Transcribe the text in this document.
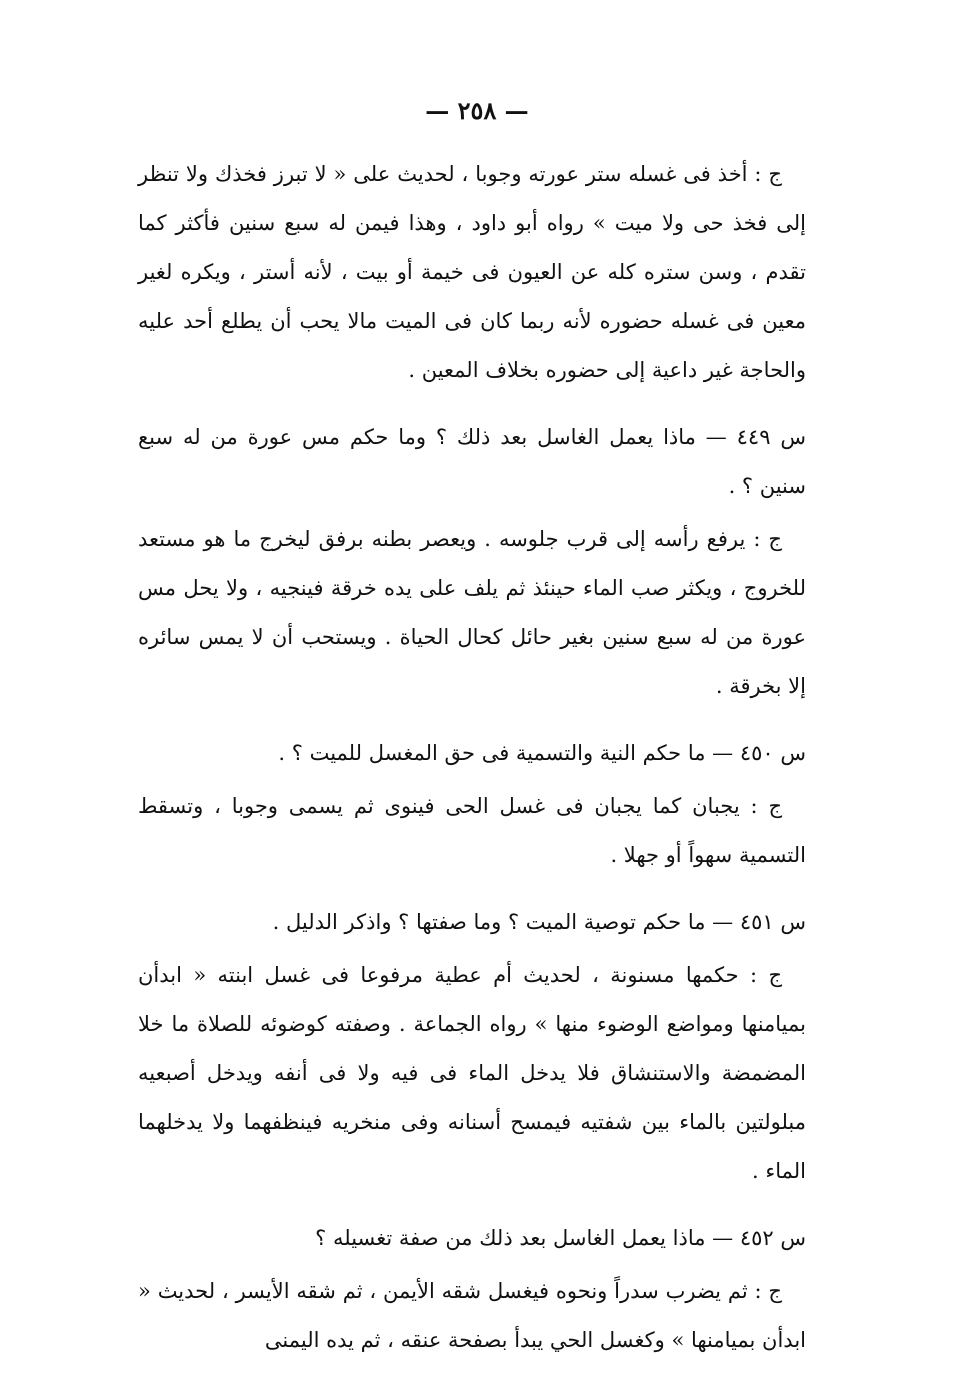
— ٢٥٨ —

ج : أخذ فى غسله ستر عورته وجوبا ، لحديث على « لا تبرز فخذك ولا تنظر إلى فخذ حى ولا ميت » رواه أبو داود ، وهذا فيمن له سبع سنين فأكثر كما تقدم ، وسن ستره كله عن العيون فى خيمة أو بيت ، لأنه أستر ، ويكره لغير معين فى غسله حضوره لأنه ربما كان فى الميت مالا يحب أن يطلع أحد عليه والحاجة غير داعية إلى حضوره بخلاف المعين .

س ٤٤٩ — ماذا يعمل الغاسل بعد ذلك ؟ وما حكم مس عورة من له سبع سنين ؟ .

ج : يرفع رأسه إلى قرب جلوسه . ويعصر بطنه برفق ليخرج ما هو مستعد للخروج ، ويكثر صب الماء حينئذ ثم يلف على يده خرقة فينجيه ، ولا يحل مس عورة من له سبع سنين بغير حائل كحال الحياة . ويستحب أن لا يمس سائره إلا بخرقة .

س ٤٥٠ — ما حكم النية والتسمية فى حق المغسل للميت ؟ .

ج : يجبان كما يجبان فى غسل الحى فينوى ثم يسمى وجوبا ، وتسقط التسمية سهواً أو جهلا .

س ٤٥١ — ما حكم توصية الميت ؟ وما صفتها ؟ واذكر الدليل .

ج : حكمها مسنونة ، لحديث أم عطية مرفوعا فى غسل ابنته « ابدأن بميامنها ومواضع الوضوء منها » رواه الجماعة . وصفته كوضوئه للصلاة ما خلا المضمضة والاستنشاق فلا يدخل الماء فى فيه ولا فى أنفه ويدخل أصبعيه مبلولتين بالماء بين شفتيه فيمسح أسنانه وفى منخريه فينظفهما ولا يدخلهما الماء .

س ٤٥٢ — ماذا يعمل الغاسل بعد ذلك من صفة تغسيله ؟

ج : ثم يضرب سدراً ونحوه فيغسل شقه الأيمن ، ثم شقه الأيسر ، لحديث « ابدأن بميامنها » وكغسل الحي يبدأ بصفحة عنقه ، ثم يده اليمنى
